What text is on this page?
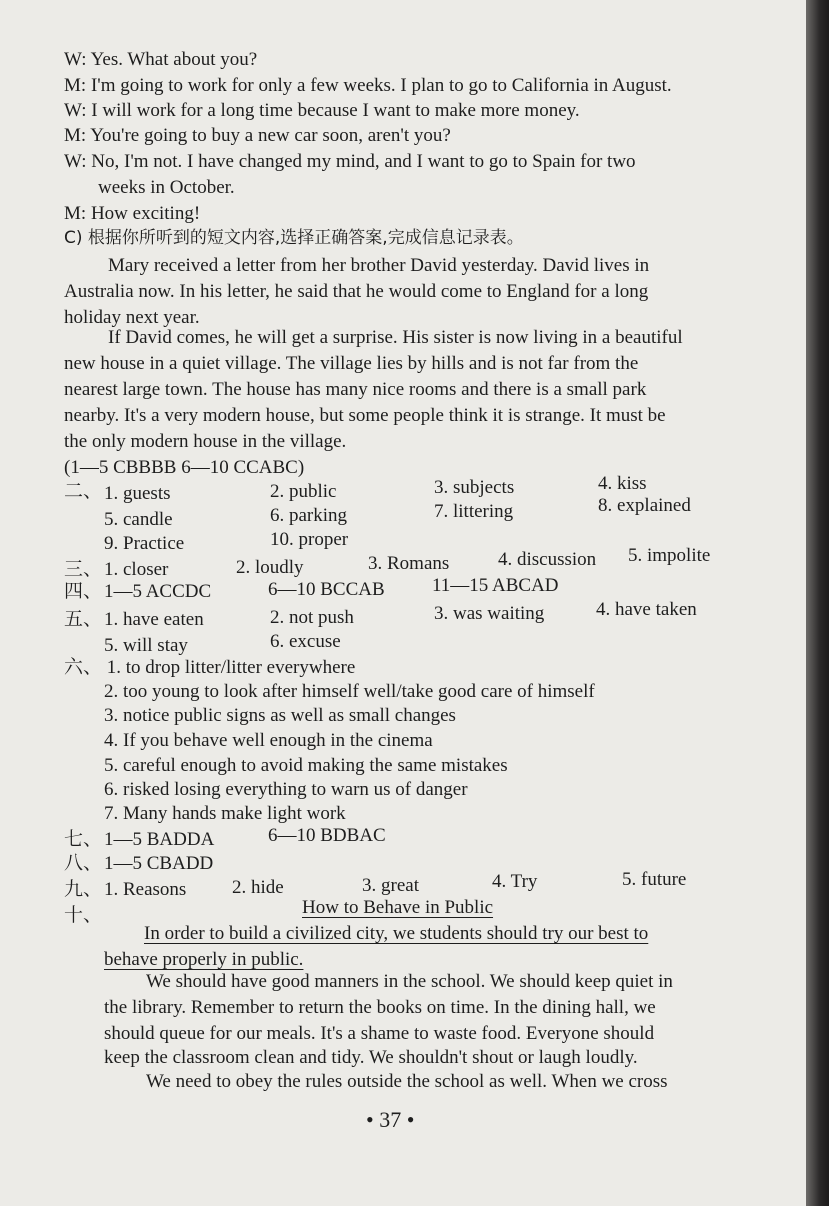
W: Yes. What about you?
M: I'm going to work for only a few weeks. I plan to go to California in August.
W: I will work for a long time because I want to make more money.
M: You're going to buy a new car soon, aren't you?
W: No, I'm not. I have changed my mind, and I want to go to Spain for two
weeks in October.
M: How exciting!
C) 根据你所听到的短文内容,选择正确答案,完成信息记录表。
Mary received a letter from her brother David yesterday. David lives in
Australia now. In his letter, he said that he would come to England for a long
holiday next year.
If David comes, he will get a surprise. His sister is now living in a beautiful
new house in a quiet village. The village lies by hills and is not far from the
nearest large town. The house has many nice rooms and there is a small park
nearby. It's a very modern house, but some people think it is strange. It must be
the only modern house in the village.
(1—5 CBBBB 6—10 CCABC)
二、 1. guests	2. public	3. subjects	4. kiss
5. candle	6. parking	7. littering	8. explained
9. Practice	10. proper
三、 1. closer	2. loudly	3. Romans	4. discussion 5. impolite
四、 1—5 ACCDC	6—10 BCCAB 11—15 ABCAD
五、 1. have eaten	2. not push	3. was waiting	4. have taken
5. will stay	6. excuse
六、 1. to drop litter/litter everywhere
2. too young to look after himself well/take good care of himself
3. notice public signs as well as small changes
4. If you behave well enough in the cinema
5. careful enough to avoid making the same mistakes
6. risked losing everything to warn us of danger
7. Many hands make light work
七、 1—5 BADDA	6—10 BDBAC
八、 1—5 CBADD
九、 1. Reasons 2. hide	3. great	4. Try	5. future
十、	How to Behave in Public
In order to build a civilized city, we students should try our best to
behave properly in public.
We should have good manners in the school. We should keep quiet in
the library. Remember to return the books on time. In the dining hall, we
should queue for our meals. It's a shame to waste food. Everyone should
keep the classroom clean and tidy. We shouldn't shout or laugh loudly.
We need to obey the rules outside the school as well. When we cross
• 37 •
